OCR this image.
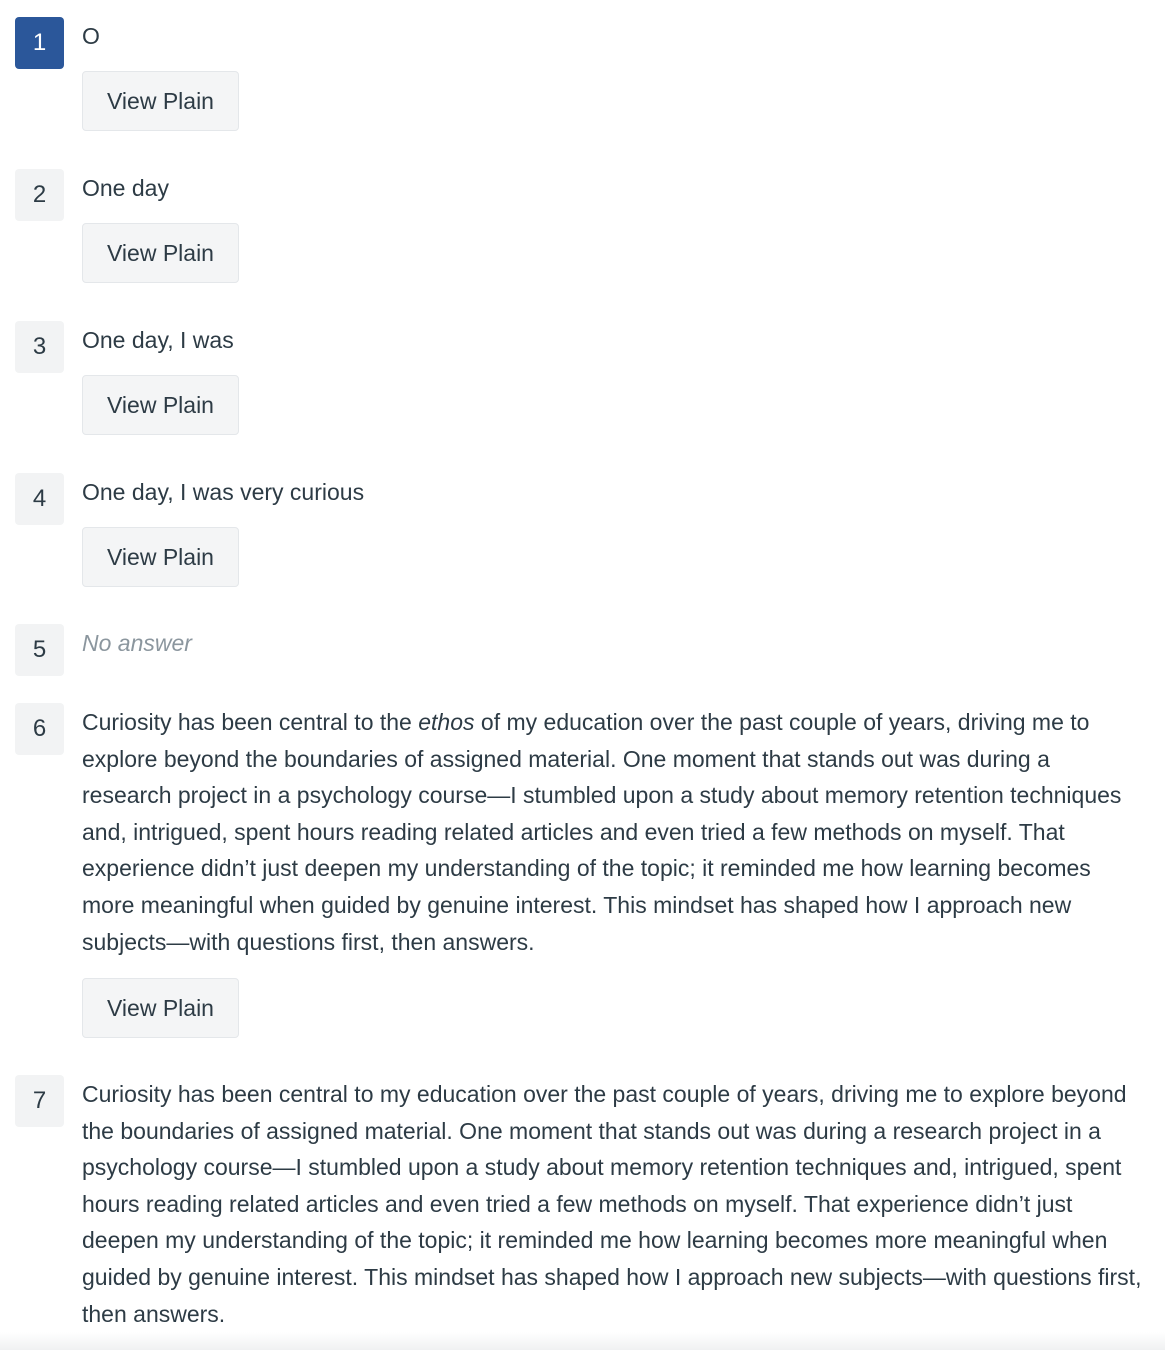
1	O
View Plain
2	One day
View Plain
3	One day, I was
View Plain
4	One day, I was very curious
View Plain
5	No answer
6	Curiosity has been central to the ethos of my education over the past couple of years, driving me to explore beyond the boundaries of assigned material. One moment that stands out was during a research project in a psychology course—I stumbled upon a study about memory retention techniques and, intrigued, spent hours reading related articles and even tried a few methods on myself. That experience didn’t just deepen my understanding of the topic; it reminded me how learning becomes more meaningful when guided by genuine interest. This mindset has shaped how I approach new subjects—with questions first, then answers.
View Plain
7	Curiosity has been central to my education over the past couple of years, driving me to explore beyond the boundaries of assigned material. One moment that stands out was during a research project in a psychology course—I stumbled upon a study about memory retention techniques and, intrigued, spent hours reading related articles and even tried a few methods on myself. That experience didn’t just deepen my understanding of the topic; it reminded me how learning becomes more meaningful when guided by genuine interest. This mindset has shaped how I approach new subjects—with questions first, then answers.
